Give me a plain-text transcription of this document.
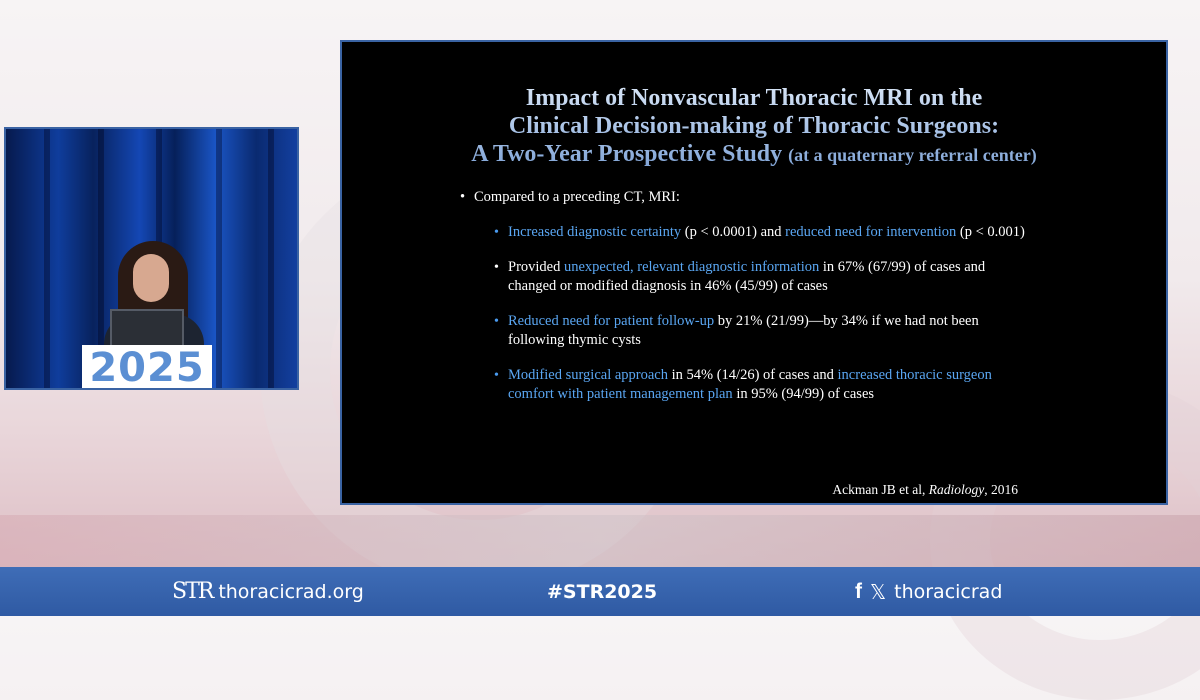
2025
Impact of Nonvascular Thoracic MRI on the
Clinical Decision-making of Thoracic Surgeons:
A Two-Year Prospective Study (at a quaternary referral center)
• Compared to a preceding CT, MRI:
• Increased diagnostic certainty (p < 0.0001) and reduced need for intervention (p < 0.001)
• Provided unexpected, relevant diagnostic information in 67% (67/99) of cases and changed or modified diagnosis in 46% (45/99) of cases
• Reduced need for patient follow-up by 21% (21/99)—by 34% if we had not been following thymic cysts
• Modified surgical approach in 54% (14/26) of cases and increased thoracic surgeon comfort with patient management plan in 95% (94/99) of cases
Ackman JB et al, Radiology, 2016
STR thoracicrad.org	#STR2025	f 𝕏 thoracicrad
